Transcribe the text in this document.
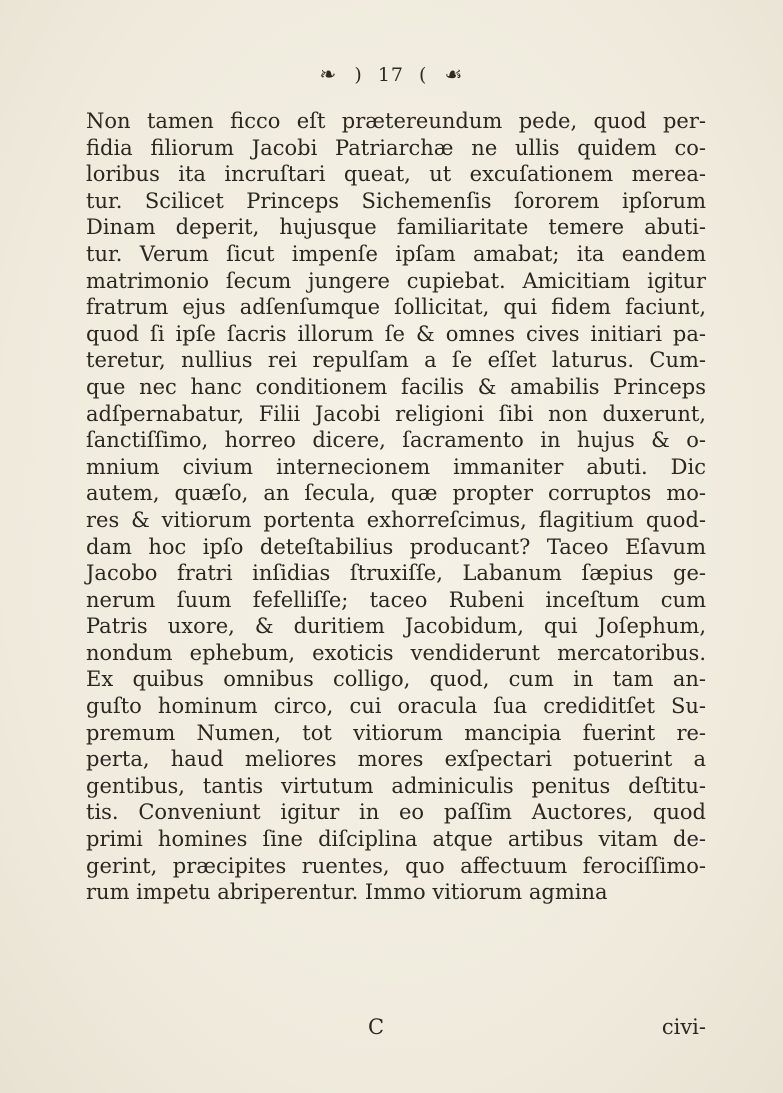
❧ ) 17 ( ☙
Non tamen ficco eſt prætereundum pede, quod per-
fidia filiorum Jacobi Patriarchæ ne ullis quidem co-
loribus ita incruſtari queat, ut excuſationem merea-
tur. Scilicet Princeps Sichemenſis ſororem ipſorum
Dinam deperit, hujusque familiaritate temere abuti-
tur. Verum ſicut impenſe ipſam amabat; ita eandem
matrimonio ſecum jungere cupiebat. Amicitiam igitur
fratrum ejus adſenſumque ſollicitat, qui fidem faciunt,
quod ſi ipſe ſacris illorum ſe & omnes cives initiari pa-
teretur, nullius rei repulſam a ſe eſſet laturus. Cum-
que nec hanc conditionem facilis & amabilis Princeps
adſpernabatur, Filii Jacobi religioni ſibi non duxerunt,
ſanctiſſimo, horreo dicere, ſacramento in hujus & o-
mnium civium internecionem immaniter abuti. Dic
autem, quæſo, an ſecula, quæ propter corruptos mo-
res & vitiorum portenta exhorreſcimus, flagitium quod-
dam hoc ipſo deteſtabilius producant? Taceo Eſavum
Jacobo fratri inſidias ſtruxiſſe, Labanum ſæpius ge-
nerum ſuum fefelliſſe; taceo Rubeni inceſtum cum
Patris uxore, & duritiem Jacobidum, qui Joſephum,
nondum ephebum, exoticis vendiderunt mercatoribus.
Ex quibus omnibus colligo, quod, cum in tam an-
guſto hominum circo, cui oracula ſua crediditſet Su-
premum Numen, tot vitiorum mancipia fuerint re-
perta, haud meliores mores exſpectari potuerint a
gentibus, tantis virtutum adminiculis penitus deſtitu-
tis. Conveniunt igitur in eo paſſim Auctores, quod
primi homines ſine diſciplina atque artibus vitam de-
gerint, præcipites ruentes, quo affectuum ferociſſimo-
rum impetu abriperentur. Immo vitiorum agmina
C	civi-
